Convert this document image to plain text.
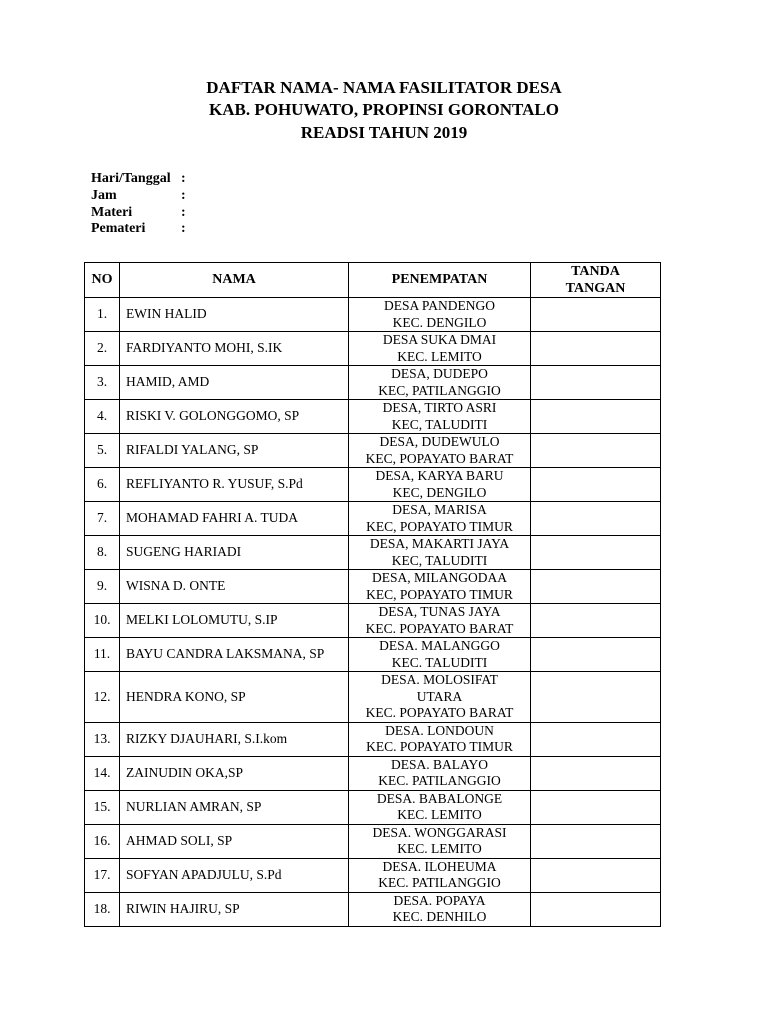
DAFTAR NAMA- NAMA FASILITATOR DESA
KAB. POHUWATO, PROPINSI GORONTALO
READSI TAHUN 2019
Hari/Tanggal :
Jam	:
Materi	:
Pemateri	:
NO	NAMA	PENEMPATAN	TANDA
TANGAN

1.	EWIN HALID	DESA PANDENGO
KEC. DENGILO	

2.	FARDIYANTO MOHI, S.IK	DESA SUKA DMAI
KEC. LEMITO	

3.	HAMID, AMD	DESA, DUDEPO
KEC, PATILANGGIO	

4.	RISKI V. GOLONGGOMO, SP	DESA, TIRTO ASRI
KEC, TALUDITI	

5.	RIFALDI YALANG, SP	DESA, DUDEWULO
KEC, POPAYATO BARAT	

6.	REFLIYANTO R. YUSUF, S.Pd	DESA, KARYA BARU
KEC, DENGILO	

7.	MOHAMAD FAHRI A. TUDA	DESA, MARISA
KEC, POPAYATO TIMUR	

8.	SUGENG HARIADI	DESA, MAKARTI JAYA
KEC, TALUDITI	

9.	WISNA D. ONTE	DESA, MILANGODAA
KEC, POPAYATO TIMUR	

10.	MELKI LOLOMUTU, S.IP	DESA, TUNAS JAYA
KEC. POPAYATO BARAT	

11.	BAYU CANDRA LAKSMANA, SP	DESA. MALANGGO
KEC. TALUDITI	

12.	HENDRA KONO, SP	DESA. MOLOSIFAT
UTARA
KEC. POPAYATO BARAT	

13.	RIZKY DJAUHARI, S.I.kom	DESA. LONDOUN
KEC. POPAYATO TIMUR	

14.	ZAINUDIN OKA,SP	DESA. BALAYO
KEC. PATILANGGIO	

15.	NURLIAN AMRAN, SP	DESA. BABALONGE
KEC. LEMITO	

16.	AHMAD SOLI, SP	DESA. WONGGARASI
KEC. LEMITO	

17.	SOFYAN APADJULU, S.Pd	DESA. ILOHEUMA
KEC. PATILANGGIO	

18.	RIWIN HAJIRU, SP	DESA. POPAYA
KEC. DENHILO	
